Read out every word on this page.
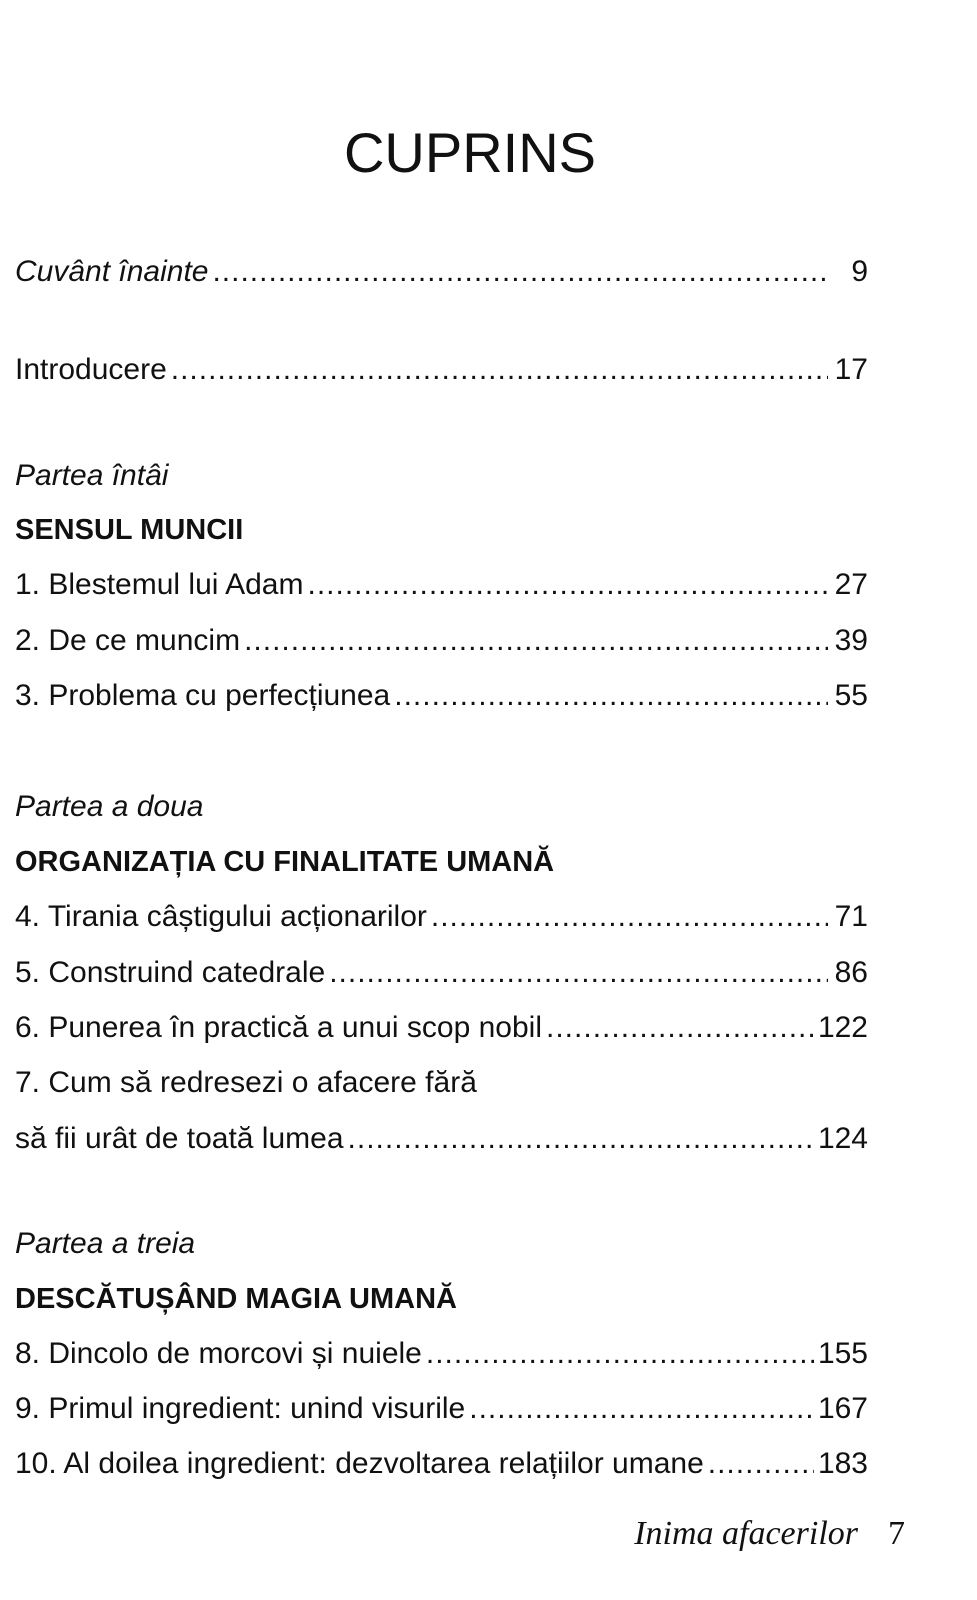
CUPRINS
Cuvânt înainte .....	9
Introducere .....	17
Partea întâi
SENSUL MUNCII
1. Blestemul lui Adam .....	27
2. De ce muncim .....	39
3. Problema cu perfecțiunea .....	55
Partea a doua
ORGANIZAȚIA CU FINALITATE UMANĂ
4. Tirania câștigului acționarilor .....	71
5. Construind catedrale .....	86
6. Punerea în practică a unui scop nobil .....	122
7. Cum să redresezi o afacere fără
să fii urât de toată lumea .....	124
Partea a treia
DESCĂTUȘÂND MAGIA UMANĂ
8. Dincolo de morcovi și nuiele .....	155
9. Primul ingredient: unind visurile .....	167
10. Al doilea ingredient: dezvoltarea relațiilor umane .....	183
Inima afacerilor 7
